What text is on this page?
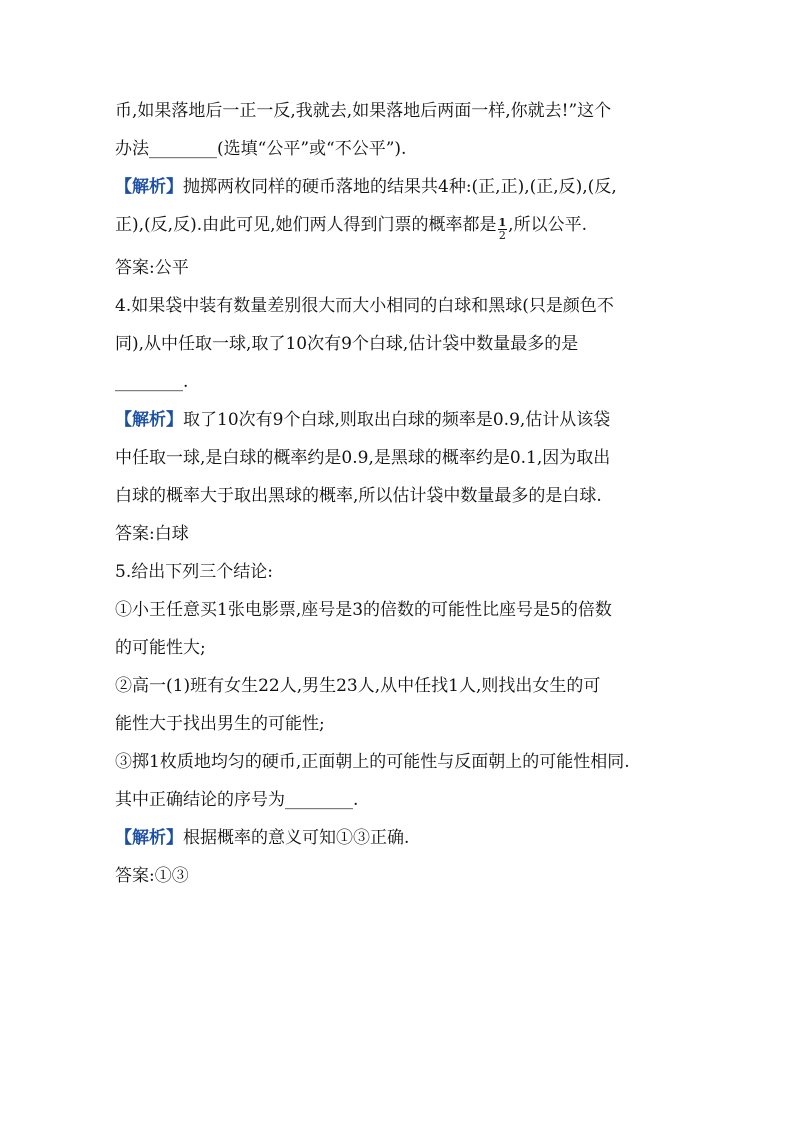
币,如果落地后一正一反,我就去,如果落地后两面一样,你就去!”这个
办法________(选填“公平”或“不公平”).
【解析】抛掷两枚同样的硬币落地的结果共4种:(正,正),(正,反),(反,
正),(反,反).由此可见,她们两人得到门票的概率都是 $\frac{1}{2}$ ,所以公平.
答案:公平
4.如果袋中装有数量差别很大而大小相同的白球和黑球(只是颜色不
同),从中任取一球,取了10次有9个白球,估计袋中数量最多的是
________.
【解析】取了10次有9个白球,则取出白球的频率是0.9,估计从该袋
中任取一球,是白球的概率约是0.9,是黑球的概率约是0.1,因为取出
白球的概率大于取出黑球的概率,所以估计袋中数量最多的是白球.
答案:白球
5.给出下列三个结论:
①小王任意买1张电影票,座号是3的倍数的可能性比座号是5的倍数
的可能性大;
②高一(1)班有女生22人,男生23人,从中任找1人,则找出女生的可
能性大于找出男生的可能性;
③掷1枚质地均匀的硬币,正面朝上的可能性与反面朝上的可能性相同.
其中正确结论的序号为________.
【解析】根据概率的意义可知①③正确.
答案:①③
